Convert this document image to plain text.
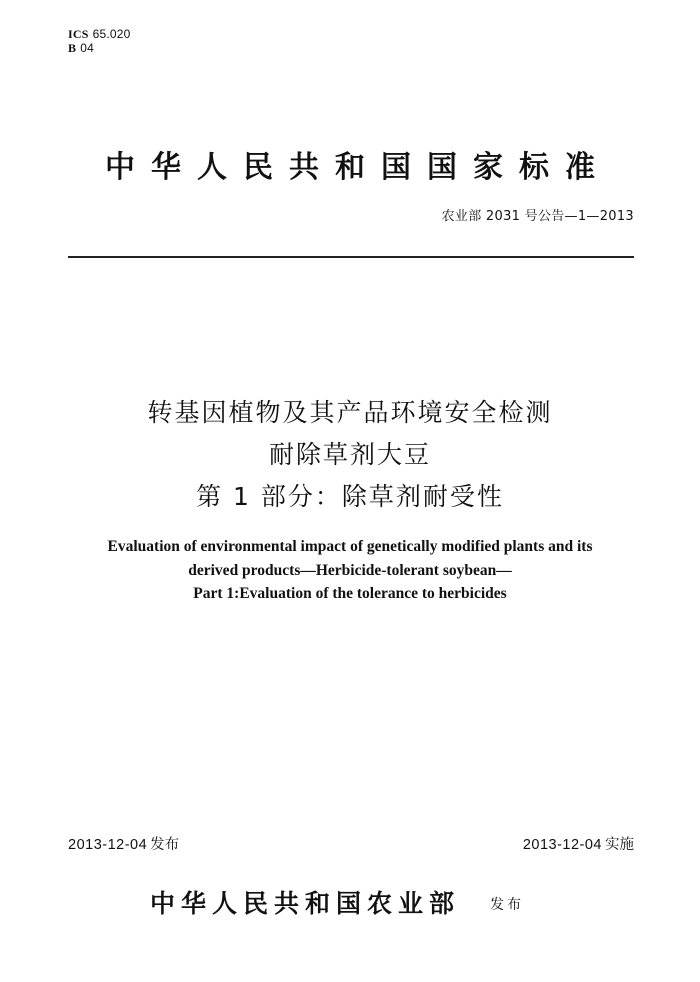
ICS 65.020
B 04
中华人民共和国国家标准
农业部 2031 号公告—1—2013
转基因植物及其产品环境安全检测
耐除草剂大豆
第 1 部分：除草剂耐受性
Evaluation of environmental impact of genetically modified plants and its
derived products—Herbicide-tolerant soybean—
Part 1:Evaluation of the tolerance to herbicides
2013-12-04 发布	2013-12-04 实施
中华人民共和国农业部 发布
